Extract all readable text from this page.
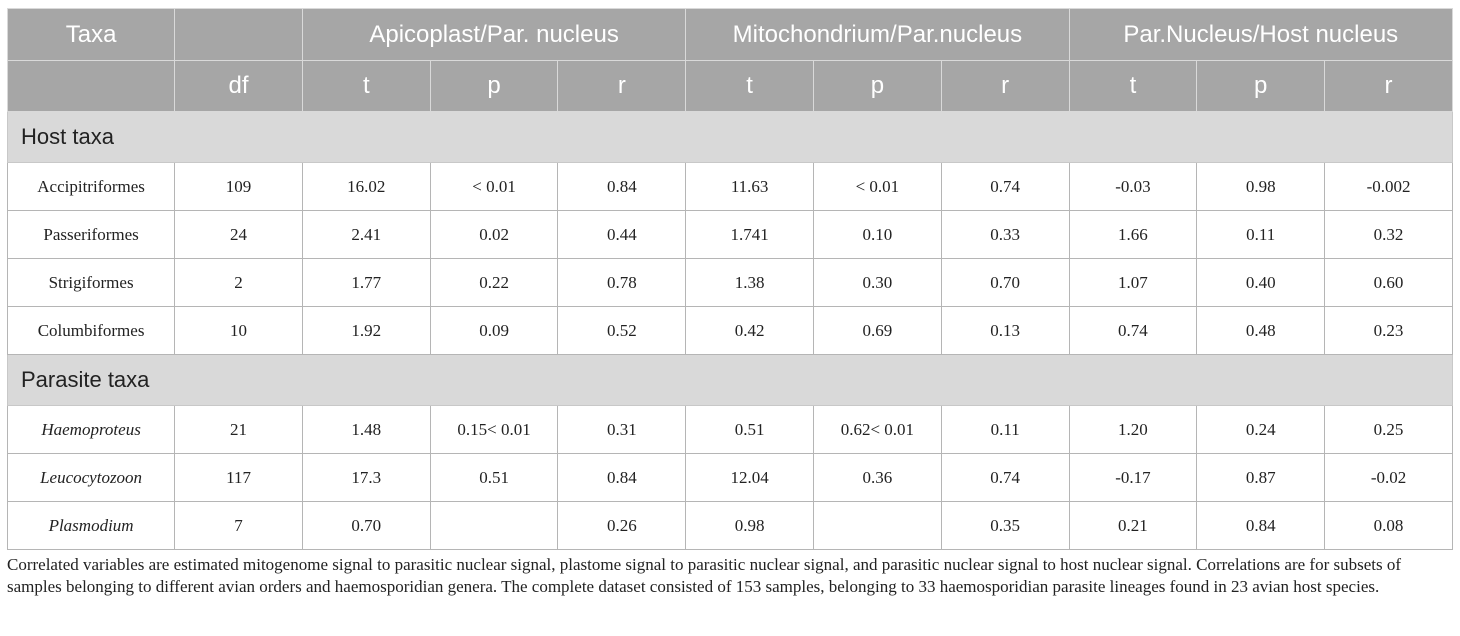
Taxa		Apicoplast/Par. nucleus			Mitochondrium/Par.nucleus			Par.Nucleus/Host nucleus		
	df	t	p	r	t	p	r	t	p	r
Host taxa										
Accipitriformes	109	16.02	< 0.01	0.84	11.63	< 0.01	0.74	-0.03	0.98	-0.002
Passeriformes	24	2.41	0.02	0.44	1.741	0.10	0.33	1.66	0.11	0.32
Strigiformes	2	1.77	0.22	0.78	1.38	0.30	0.70	1.07	0.40	0.60
Columbiformes	10	1.92	0.09	0.52	0.42	0.69	0.13	0.74	0.48	0.23
Parasite taxa										
Haemoproteus	21	1.48	0.15< 0.01	0.31	0.51	0.62< 0.01	0.11	1.20	0.24	0.25
Leucocytozoon	117	17.3	0.51	0.84	12.04	0.36	0.74	-0.17	0.87	-0.02
Plasmodium	7	0.70		0.26	0.98		0.35	0.21	0.84	0.08
Correlated variables are estimated mitogenome signal to parasitic nuclear signal, plastome signal to parasitic nuclear signal, and parasitic nuclear signal to host nuclear signal. Correlations are for subsets of samples belonging to different avian orders and haemosporidian genera. The complete dataset consisted of 153 samples, belonging to 33 haemosporidian parasite lineages found in 23 avian host species.
